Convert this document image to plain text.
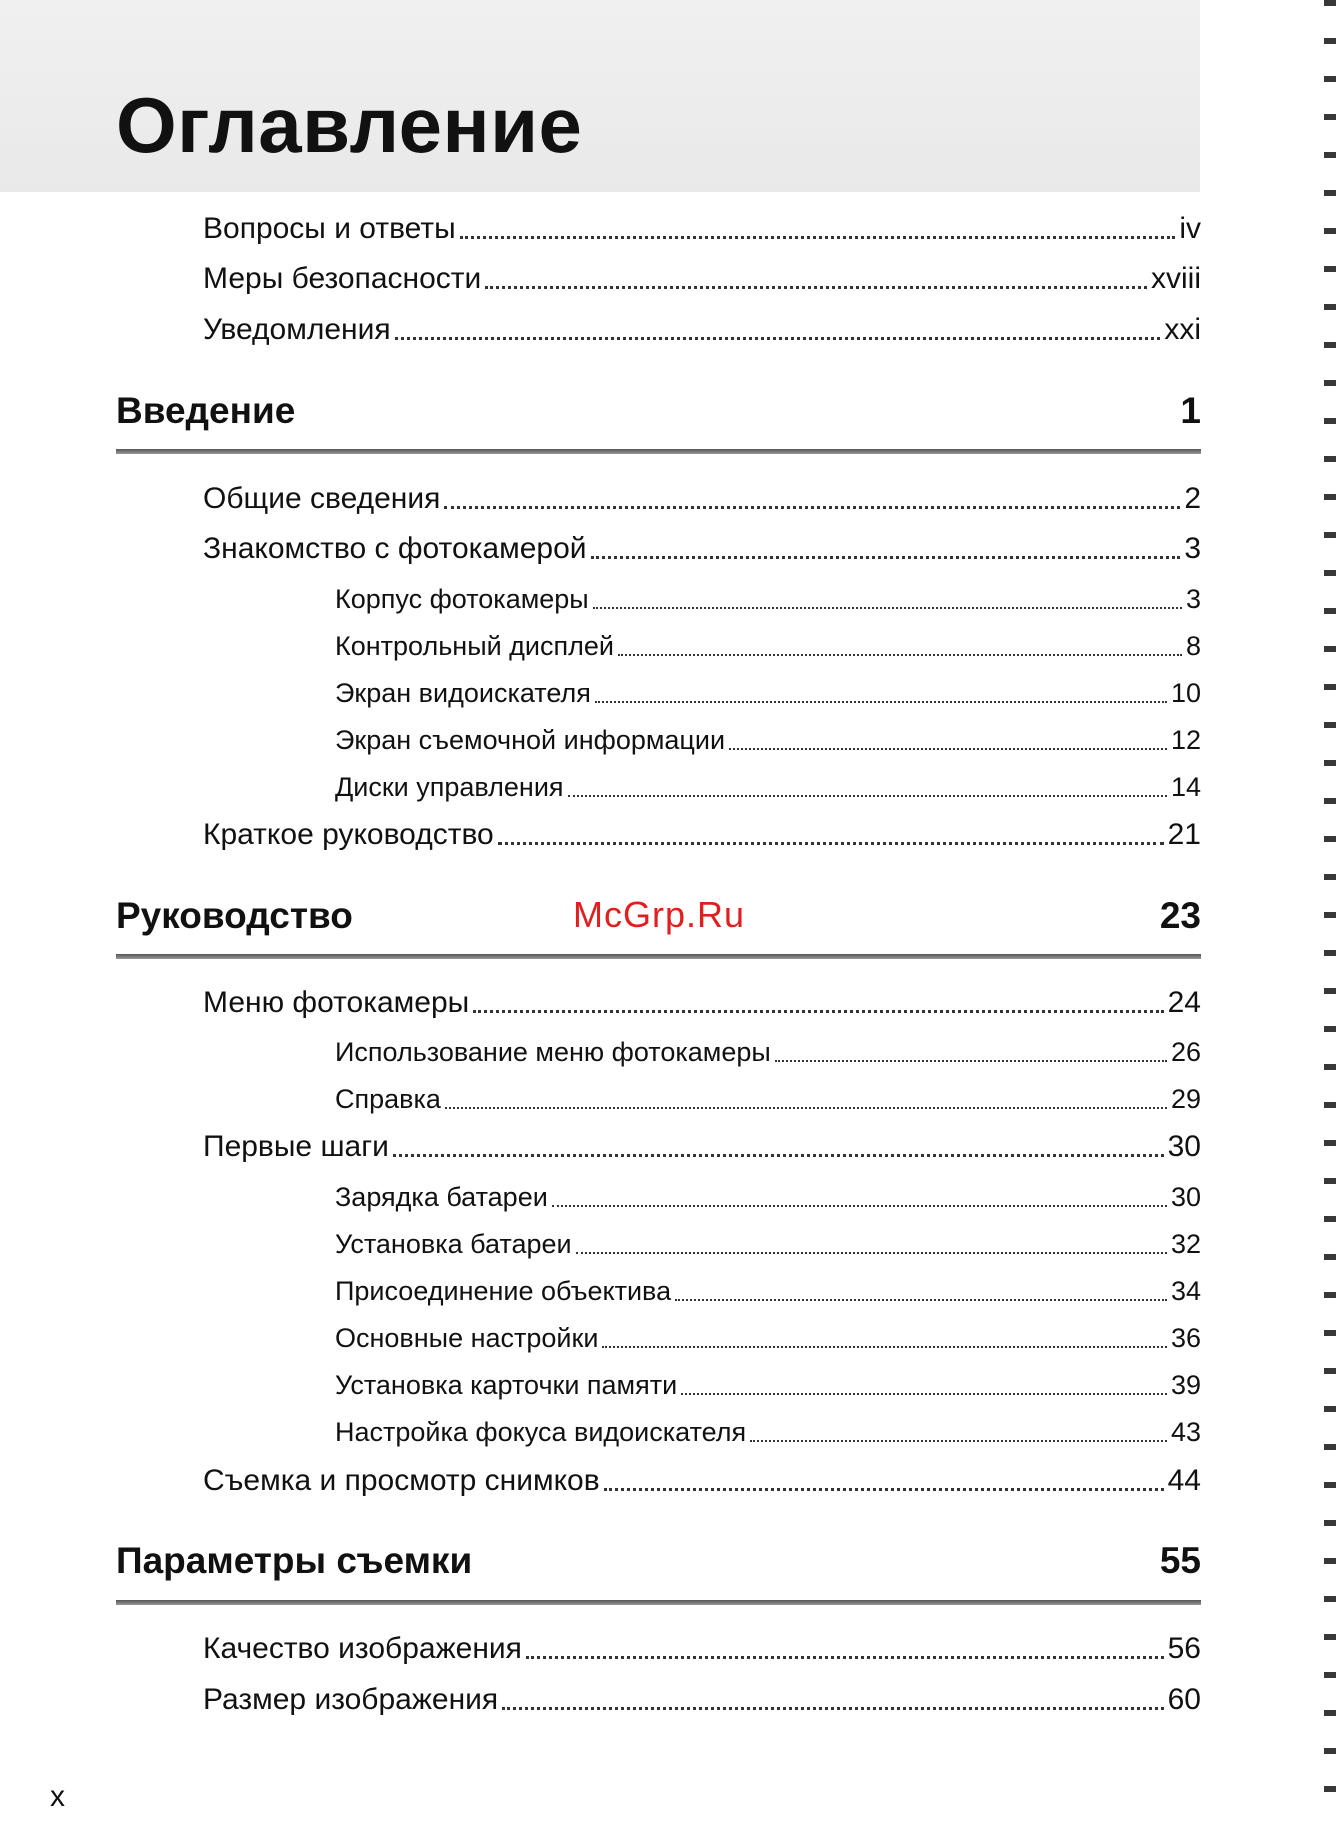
Оглавление
Вопросы и ответы	iv
Меры безопасности	xviii
Уведомления	xxi
Введение	1
Общие сведения	2
Знакомство с фотокамерой	3
Корпус фотокамеры	3
Контрольный дисплей	8
Экран видоискателя	10
Экран съемочной информации	12
Диски управления	14
Краткое руководство	21
McGrp.Ru
Руководство	23
Меню фотокамеры	24
Использование меню фотокамеры	26
Справка	29
Первые шаги	30
Зарядка батареи	30
Установка батареи	32
Присоединение объектива	34
Основные настройки	36
Установка карточки памяти	39
Настройка фокуса видоискателя	43
Съемка и просмотр снимков	44
Параметры съемки	55
Качество изображения	56
Размер изображения	60
x
